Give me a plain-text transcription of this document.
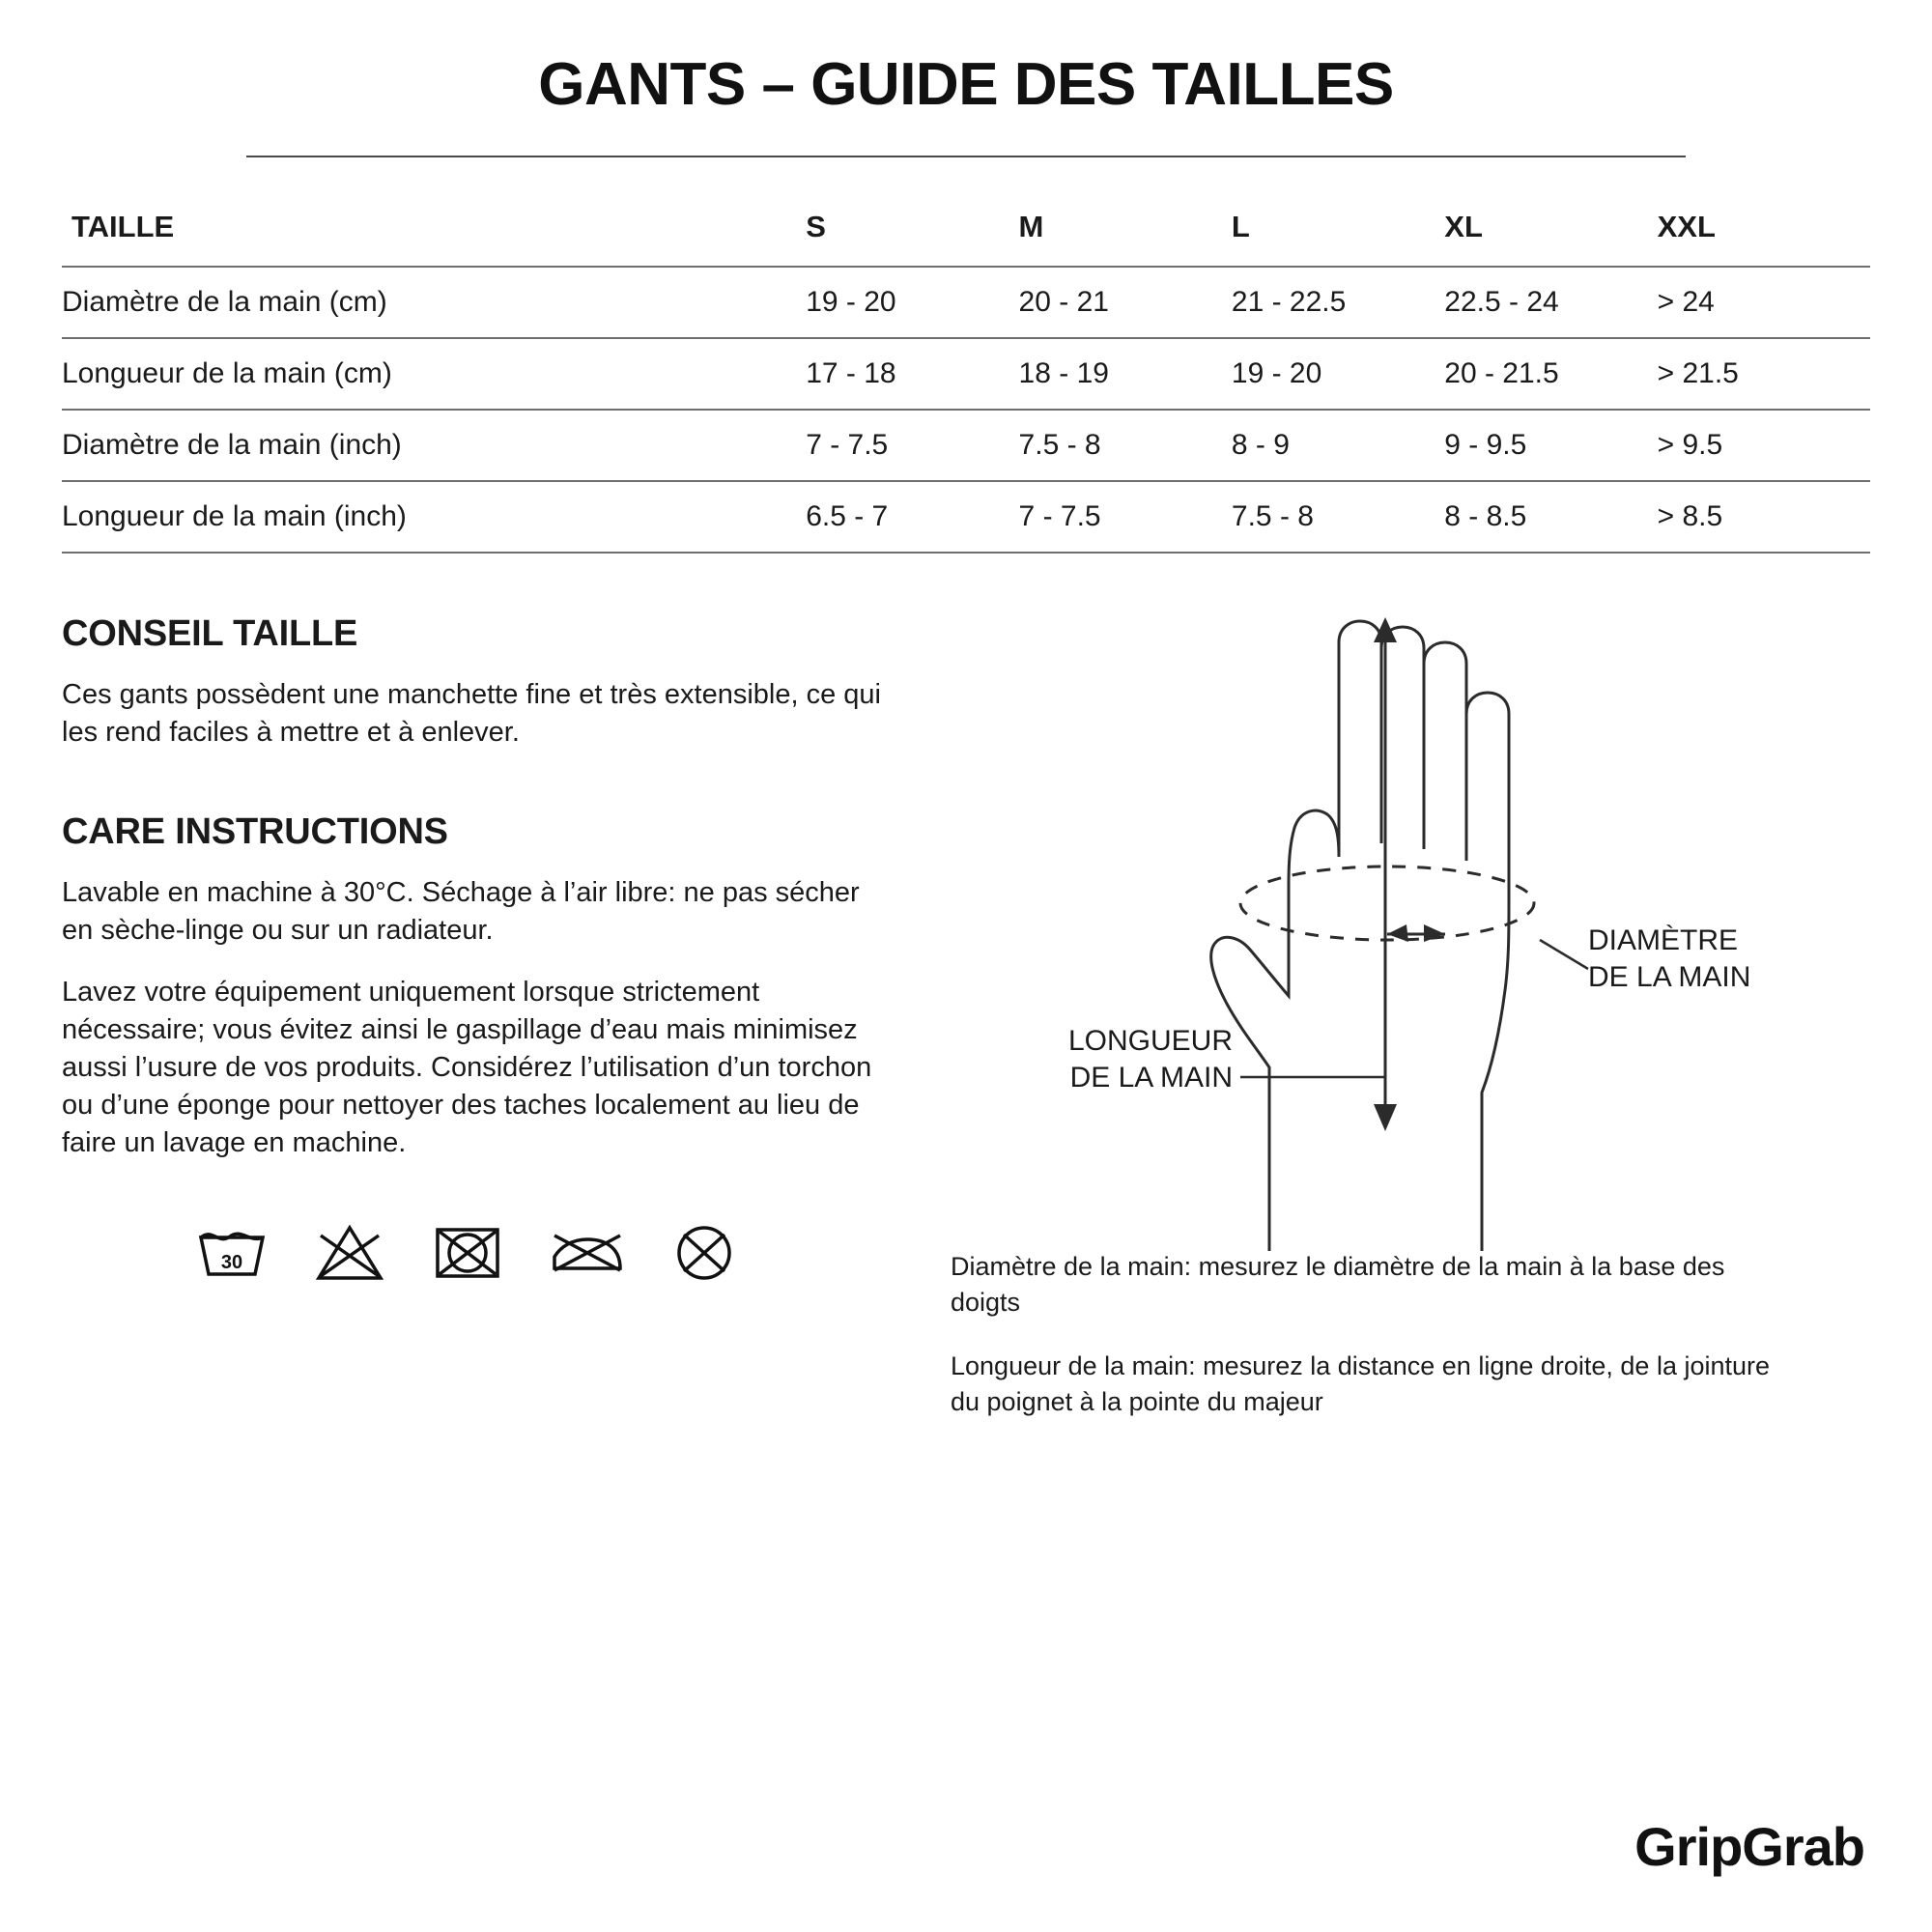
GANTS – GUIDE DES TAILLES
TAILLE	S	M	L	XL	XXL
Diamètre de la main (cm)	19 - 20	20 - 21	21 - 22.5	22.5 - 24	> 24
Longueur de la main (cm)	17 - 18	18 - 19	19 - 20	20 - 21.5	> 21.5
Diamètre de la main (inch)	7 - 7.5	7.5 - 8	8 - 9	9 - 9.5	> 9.5
Longueur de la main (inch)	6.5 - 7	7 - 7.5	7.5 - 8	8 - 8.5	> 8.5
CONSEIL TAILLE

Ces gants possèdent une manchette fine et très extensible, ce qui les rend faciles à mettre et à enlever.

CARE INSTRUCTIONS

Lavable en machine à 30°C. Séchage à l’air libre: ne pas sécher en sèche-linge ou sur un radiateur.

Lavez votre équipement uniquement lorsque strictement nécessaire; vous évitez ainsi le gaspillage d’eau mais minimisez aussi l’usure de vos produits. Considérez l’utilisation d’un torchon ou d’une éponge pour nettoyer des taches localement au lieu de faire un lavage en machine.

30
LONGUEUR
DE LA MAIN
DIAMÈTRE
DE LA MAIN

Diamètre de la main: mesurez le diamètre de la main à la base des doigts

Longueur de la main: mesurez la distance en ligne droite, de la jointure du poignet à la pointe du majeur

GripGrab
